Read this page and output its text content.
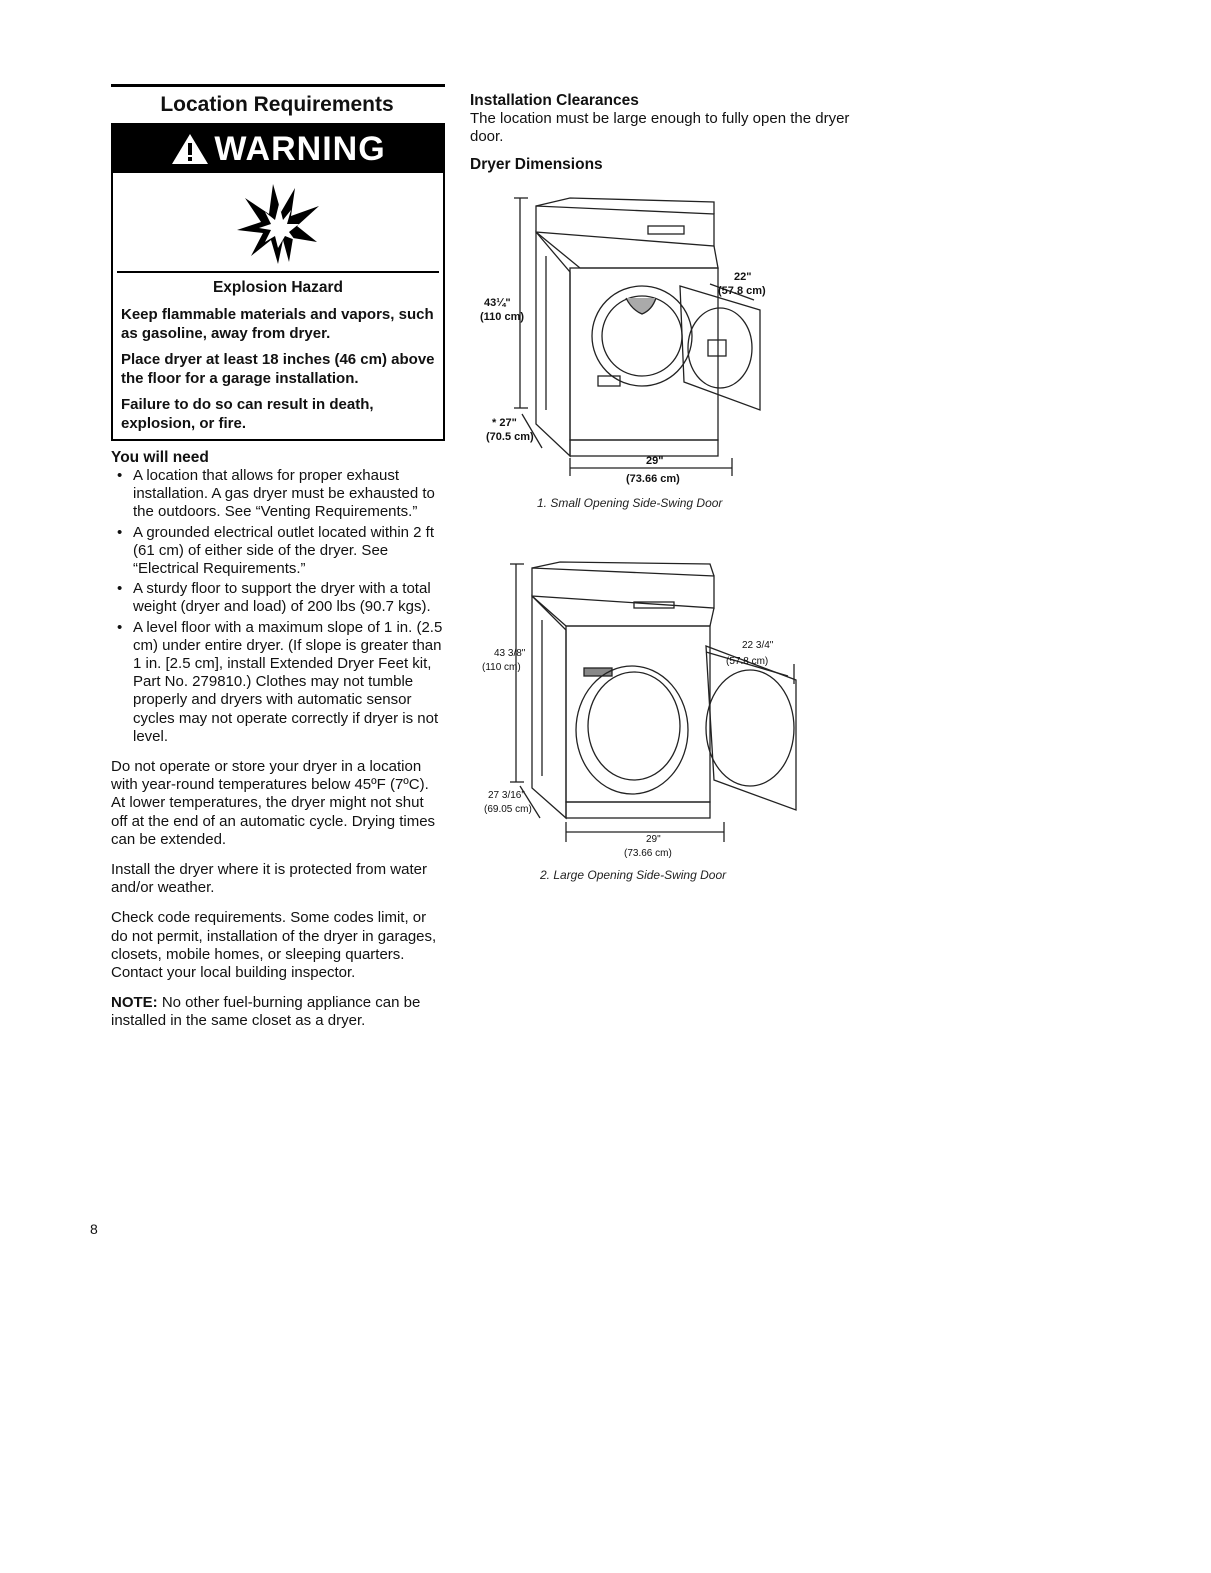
Location Requirements
WARNING
Explosion Hazard

Keep flammable materials and vapors, such as gasoline, away from dryer.

Place dryer at least 18 inches (46 cm) above the floor for a garage installation.

Failure to do so can result in death, explosion, or fire.

You will need
• A location that allows for proper exhaust installation. A gas dryer must be exhausted to the outdoors. See “Venting Requirements.”
• A grounded electrical outlet located within 2 ft (61 cm) of either side of the dryer. See “Electrical Requirements.”
• A sturdy floor to support the dryer with a total weight (dryer and load) of 200 lbs (90.7 kgs).
• A level floor with a maximum slope of 1 in. (2.5 cm) under entire dryer. (If slope is greater than 1 in. [2.5 cm], install Extended Dryer Feet kit, Part No. 279810.) Clothes may not tumble properly and dryers with automatic sensor cycles may not operate correctly if dryer is not level.

Do not operate or store your dryer in a location with year-round temperatures below 45ºF (7ºC). At lower temperatures, the dryer might not shut off at the end of an automatic cycle. Drying times can be extended.

Install the dryer where it is protected from water and/or weather.

Check code requirements. Some codes limit, or do not permit, installation of the dryer in garages, closets, mobile homes, or sleeping quarters. Contact your local building inspector.

NOTE: No other fuel-burning appliance can be installed in the same closet as a dryer.

Installation Clearances
The location must be large enough to fully open the dryer door.
Dryer Dimensions
43¼"
(110 cm)
22"
(57.8 cm)
* 27"
(70.5 cm)
29"
(73.66 cm)
1. Small Opening Side-Swing Door
43 3/8"
(110 cm)
22 3/4"
(57.8 cm)
27 3/16"
(69.05 cm)
29"
(73.66 cm)
2. Large Opening Side-Swing Door
8
